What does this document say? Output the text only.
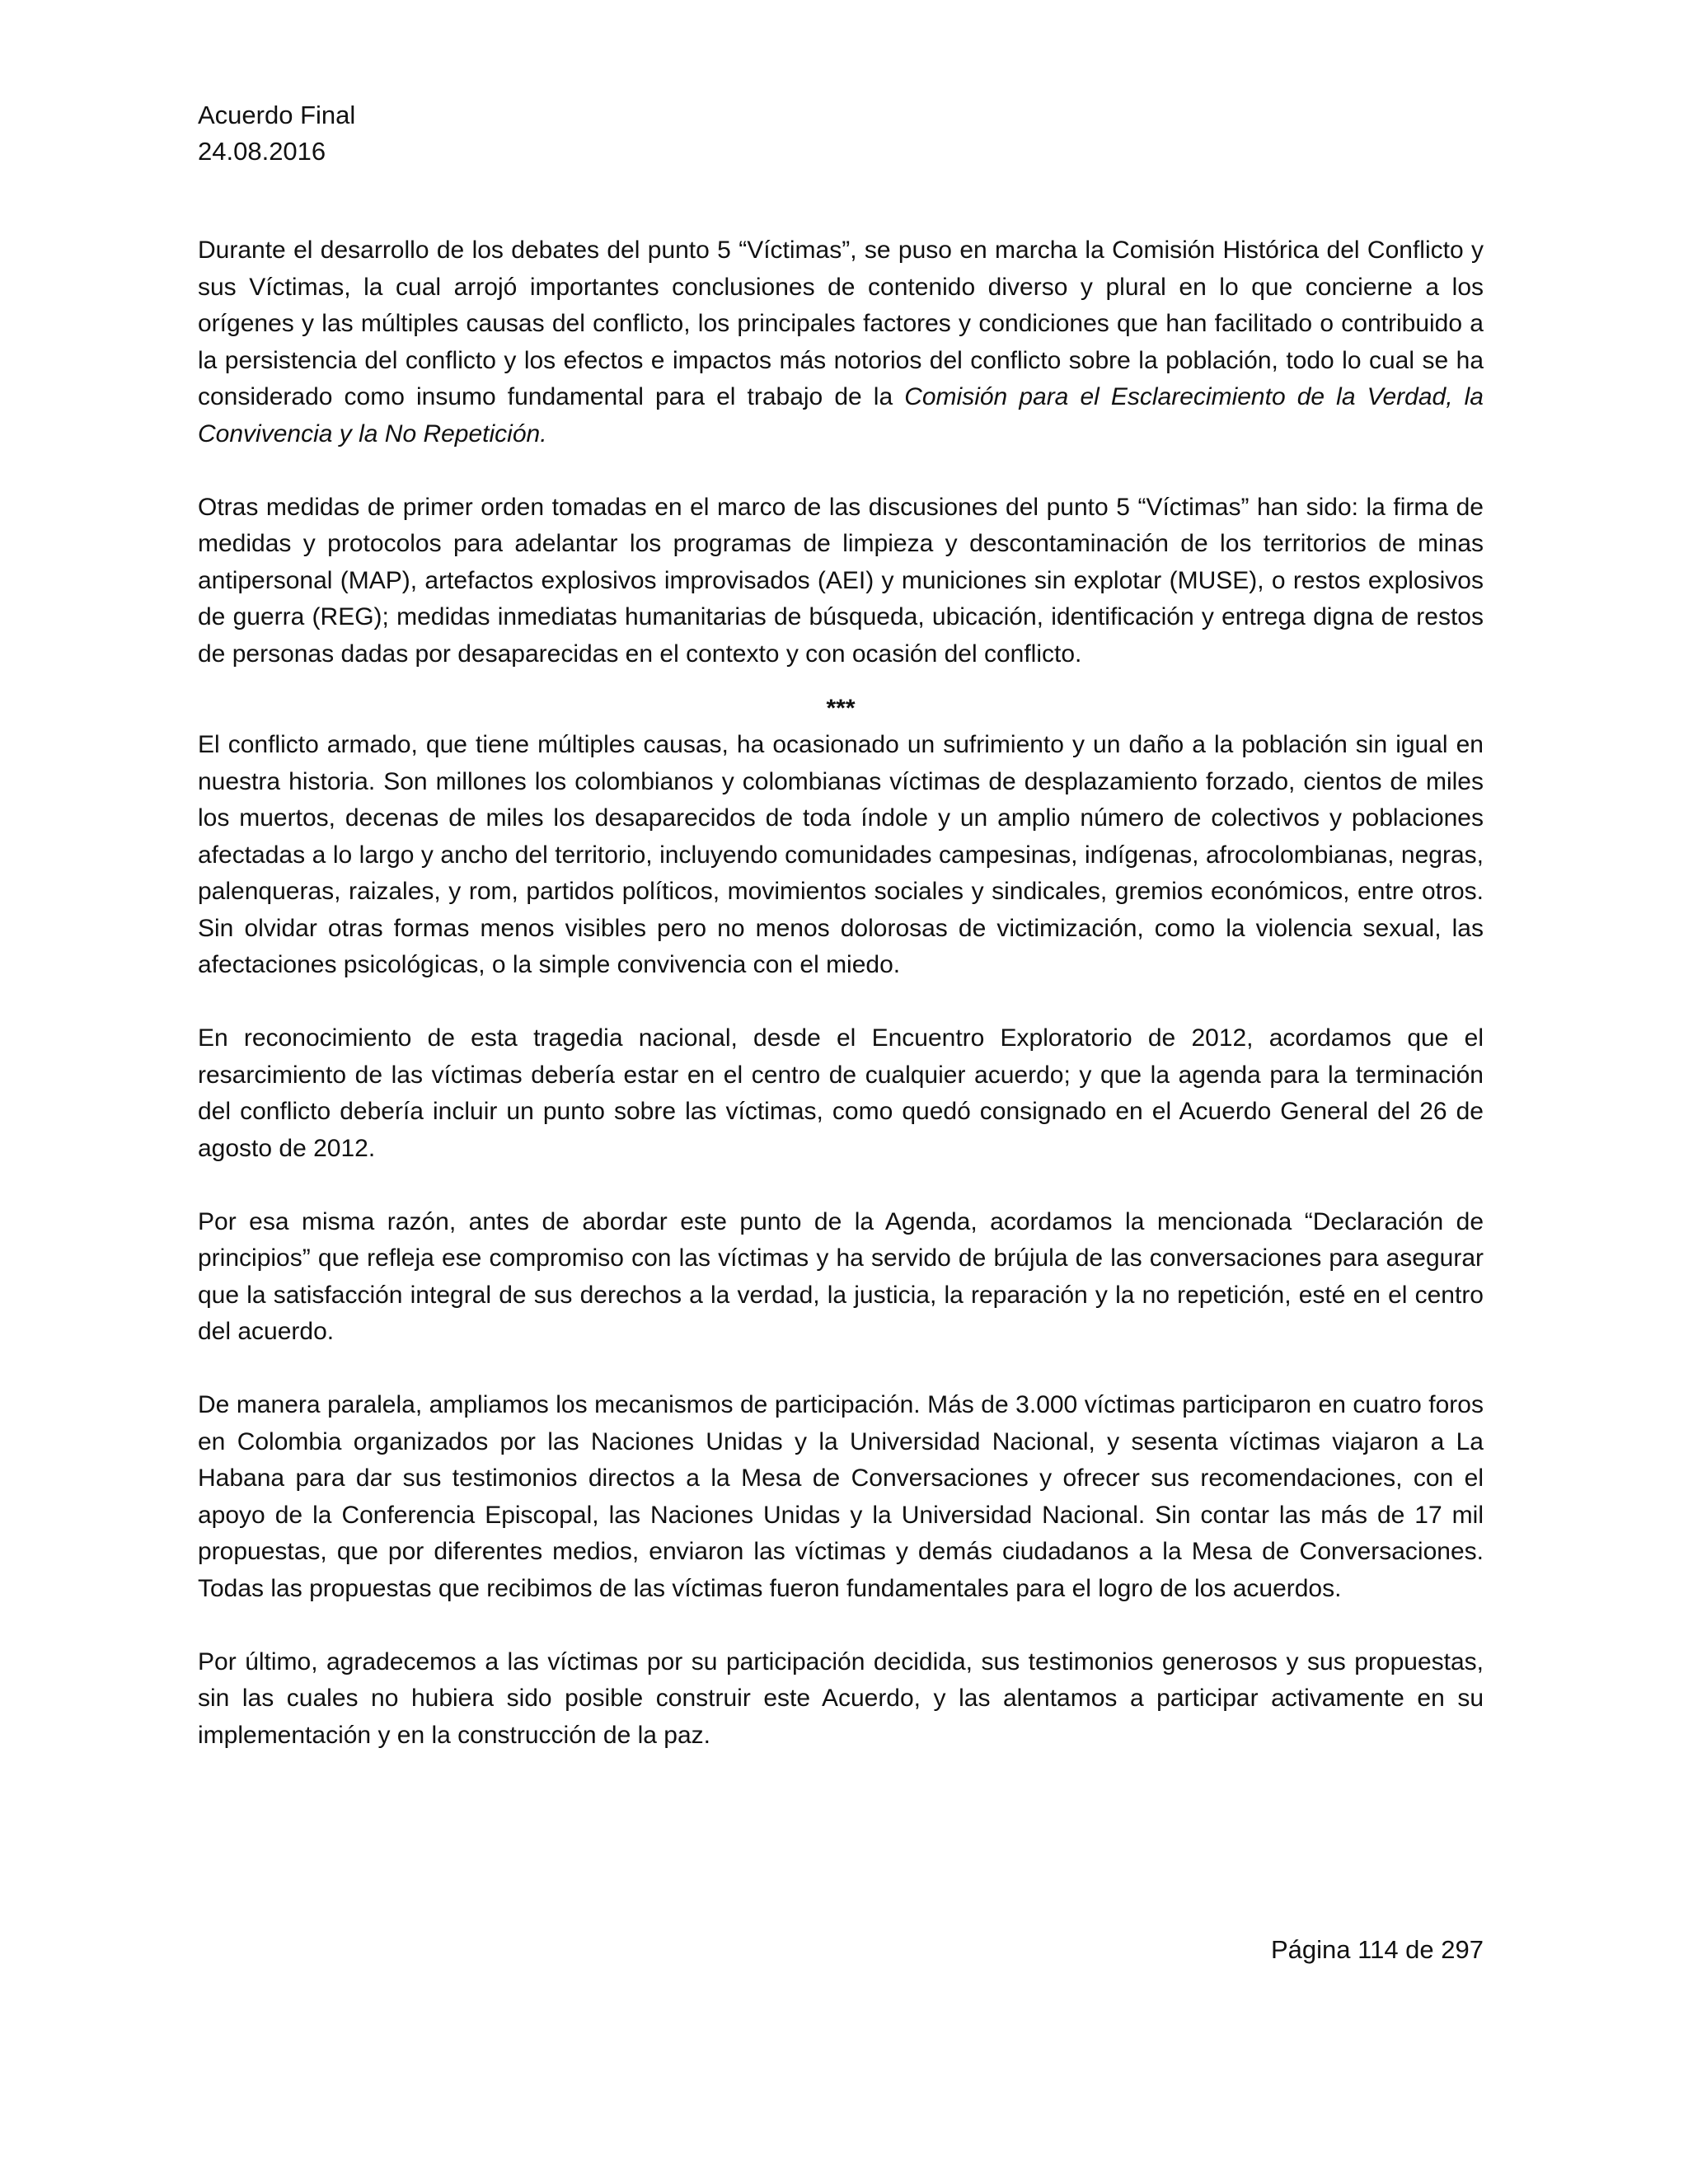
Acuerdo Final
24.08.2016

Durante el desarrollo de los debates del punto 5 “Víctimas”, se puso en marcha la Comisión Histórica del Conflicto y sus Víctimas, la cual arrojó importantes conclusiones de contenido diverso y plural en lo que concierne a los orígenes y las múltiples causas del conflicto, los principales factores y condiciones que han facilitado o contribuido a la persistencia del conflicto y los efectos e impactos más notorios del conflicto sobre la población, todo lo cual se ha considerado como insumo fundamental para el trabajo de la Comisión para el Esclarecimiento de la Verdad, la Convivencia y la No Repetición.

Otras medidas de primer orden tomadas en el marco de las discusiones del punto 5 “Víctimas” han sido: la firma de medidas y protocolos para adelantar los programas de limpieza y descontaminación de los territorios de minas antipersonal (MAP), artefactos explosivos improvisados (AEI) y municiones sin explotar (MUSE), o restos explosivos de guerra (REG); medidas inmediatas humanitarias de búsqueda, ubicación, identificación y entrega digna de restos de personas dadas por desaparecidas en el contexto y con ocasión del conflicto.

***

El conflicto armado, que tiene múltiples causas, ha ocasionado un sufrimiento y un daño a la población sin igual en nuestra historia. Son millones los colombianos y colombianas víctimas de desplazamiento forzado, cientos de miles los muertos, decenas de miles los desaparecidos de toda índole y un amplio número de colectivos y poblaciones afectadas a lo largo y ancho del territorio, incluyendo comunidades campesinas, indígenas, afrocolombianas, negras, palenqueras, raizales, y rom, partidos políticos, movimientos sociales y sindicales, gremios económicos, entre otros. Sin olvidar otras formas menos visibles pero no menos dolorosas de victimización, como la violencia sexual, las afectaciones psicológicas, o la simple convivencia con el miedo.

En reconocimiento de esta tragedia nacional, desde el Encuentro Exploratorio de 2012, acordamos que el resarcimiento de las víctimas debería estar en el centro de cualquier acuerdo; y que la agenda para la terminación del conflicto debería incluir un punto sobre las víctimas, como quedó consignado en el Acuerdo General del 26 de agosto de 2012.

Por esa misma razón, antes de abordar este punto de la Agenda, acordamos la mencionada “Declaración de principios” que refleja ese compromiso con las víctimas y ha servido de brújula de las conversaciones para asegurar que la satisfacción integral de sus derechos a la verdad, la justicia, la reparación y la no repetición, esté en el centro del acuerdo.

De manera paralela, ampliamos los mecanismos de participación. Más de 3.000 víctimas participaron en cuatro foros en Colombia organizados por las Naciones Unidas y la Universidad Nacional, y sesenta víctimas viajaron a La Habana para dar sus testimonios directos a la Mesa de Conversaciones y ofrecer sus recomendaciones, con el apoyo de la Conferencia Episcopal, las Naciones Unidas y la Universidad Nacional. Sin contar las más de 17 mil propuestas, que por diferentes medios, enviaron las víctimas y demás ciudadanos a la Mesa de Conversaciones. Todas las propuestas que recibimos de las víctimas fueron fundamentales para el logro de los acuerdos.

Por último, agradecemos a las víctimas por su participación decidida, sus testimonios generosos y sus propuestas, sin las cuales no hubiera sido posible construir este Acuerdo, y las alentamos a participar activamente en su implementación y en la construcción de la paz.

Página 114 de 297
